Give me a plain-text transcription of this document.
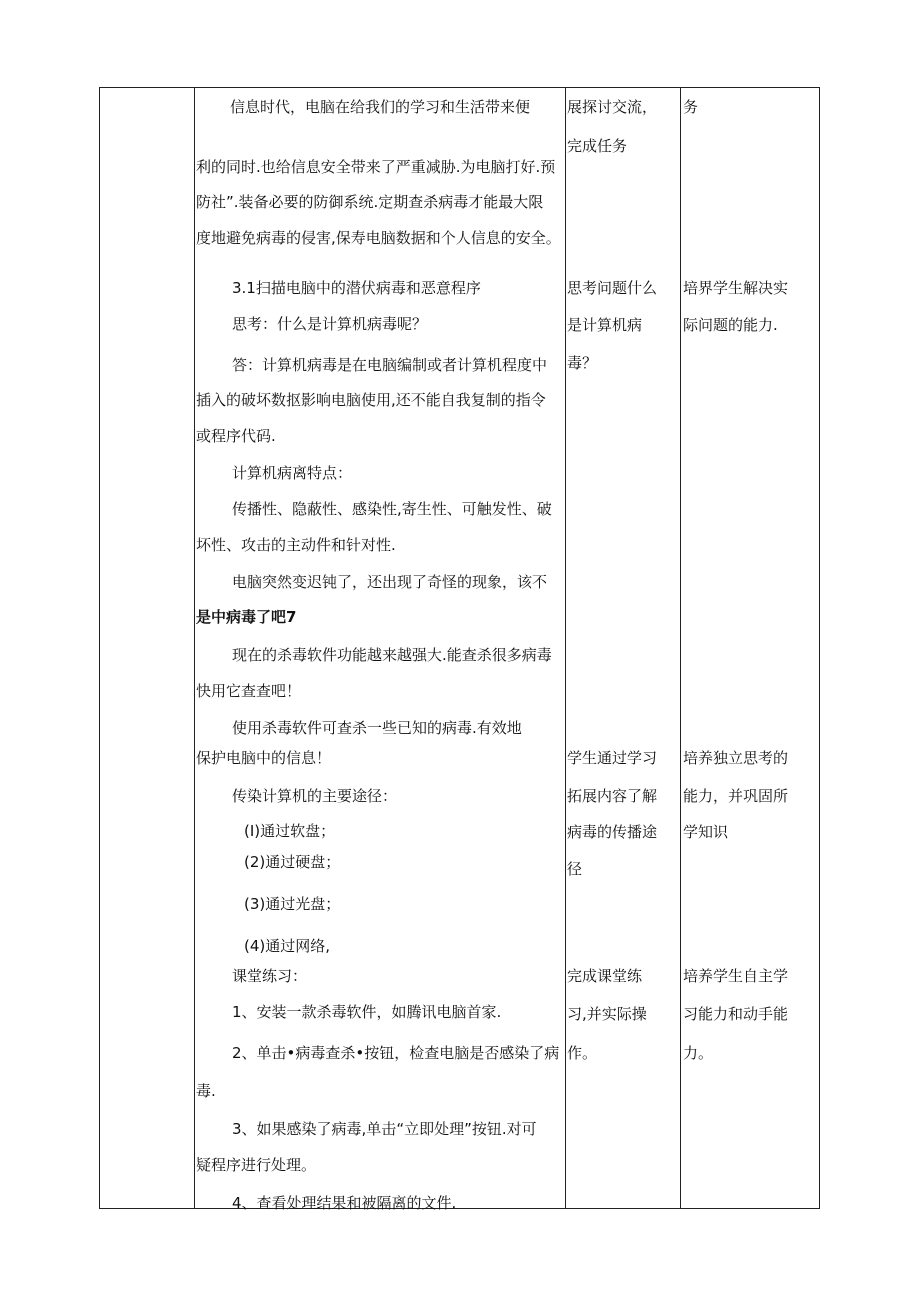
信息时代，电脑在给我们的学习和生活带来便
利的同时.也给信息安全带来了严重减胁.为电脑打好.预
防社”.装备必要的防御系统.定期查杀病毒才能最大限
度地避免病毒的侵害,保寿电脑数据和个人信息的安全。
3.1扫描电脑中的潜伏病毒和恶意程序
思考：什么是计算机病毒呢？
答：计算机病毒是在电脑编制或者计算机程度中
插入的破坏数抠影响电脑使用,还不能自我复制的指令
或程序代码.
计算机病离特点：
传播性、隐蔽性、感染性,寄生性、可触发性、破
坏性、攻击的主动件和针对性.
电脑突然变迟钝了，还出现了奇怪的现象，该不
是中病毒了吧7
现在的杀毒软件功能越来越强大.能查杀很多病毒
快用它查查吧！
使用杀毒软件可查杀一些已知的病毒.有效地
保护电脑中的信息！
传染计算机的主要途径：
(I)通过软盘；
(2)通过硬盘；
(3)通过光盘；
(4)通过网络,
课堂练习：
1、安装一款杀毒软件，如腾讯电脑首家.
2、单击•病毒查杀•按钮，检查电脑是否感染了病
毒.
3、如果感染了病毒,单击“立即处理”按钮.对可
疑程序进行处理。
4、查看处理结果和被隔离的文件.
展探讨交流，
完成任务
思考问题什么
是计算机病
毒？
学生通过学习
拓展内容了解
病毒的传播途
径
完成课堂练
习,并实际操
作。
务
培界学生解决实
际问题的能力.
培养独立思考的
能力，并巩固所
学知识
培养学生自主学
习能力和动手能
力。
